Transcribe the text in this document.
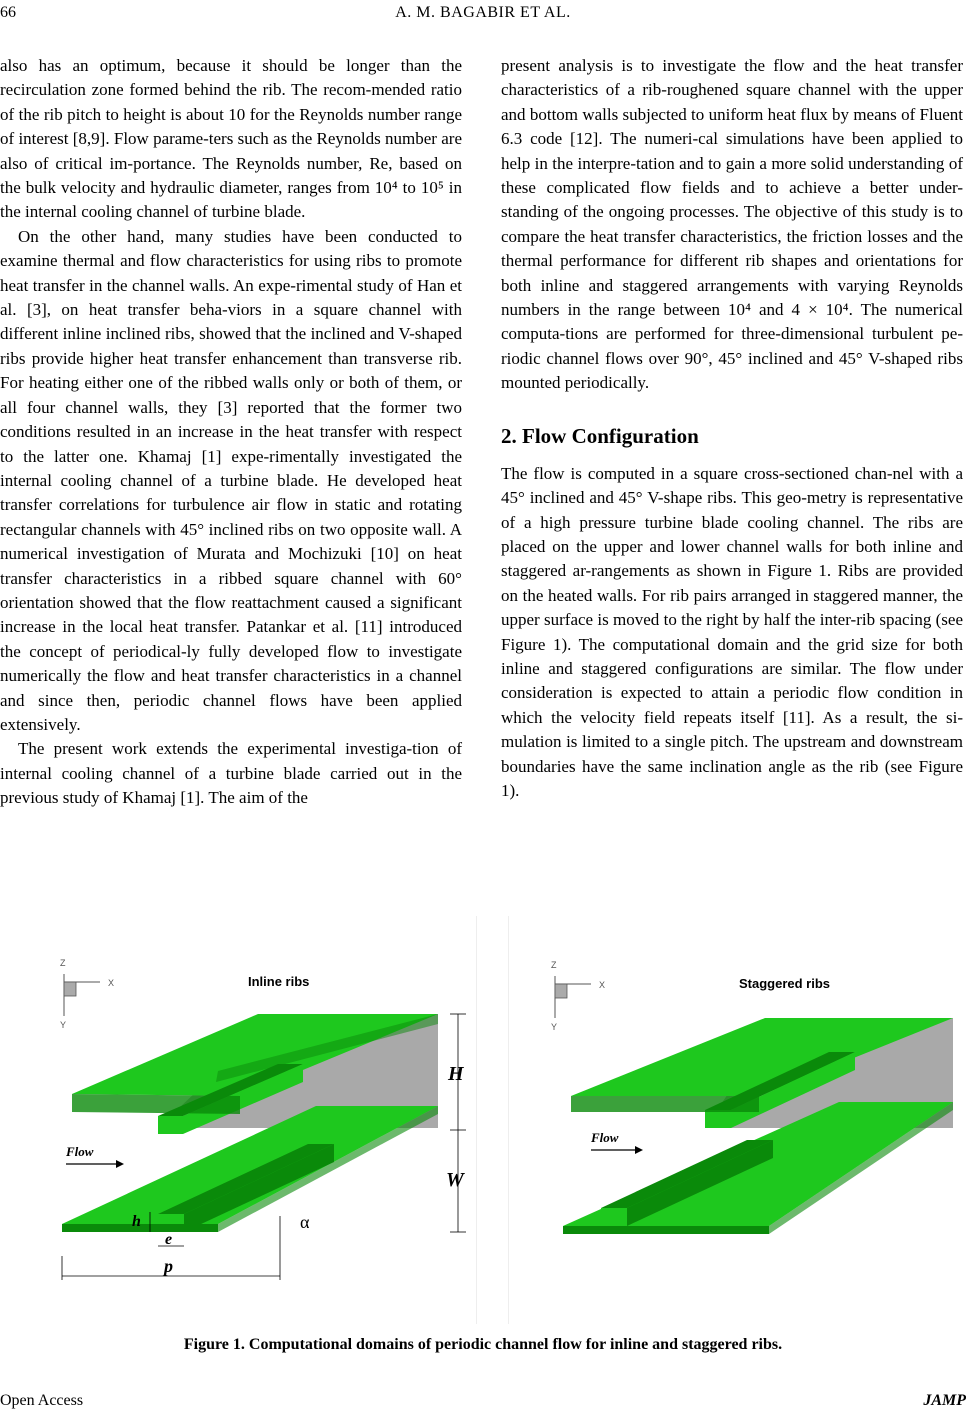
66	A. M. BAGABIR ET AL.

also has an optimum, because it should be longer than the recirculation zone formed behind the rib. The recom-mended ratio of the rib pitch to height is about 10 for the Reynolds number range of interest [8,9]. Flow parame-ters such as the Reynolds number are also of critical im-portance. The Reynolds number, Re, based on the bulk velocity and hydraulic diameter, ranges from 10⁴ to 10⁵ in the internal cooling channel of turbine blade.

On the other hand, many studies have been conducted to examine thermal and flow characteristics for using ribs to promote heat transfer in the channel walls. An expe-rimental study of Han et al. [3], on heat transfer beha-viors in a square channel with different inline inclined ribs, showed that the inclined and V-shaped ribs provide higher heat transfer enhancement than transverse rib. For heating either one of the ribbed walls only or both of them, or all four channel walls, they [3] reported that the former two conditions resulted in an increase in the heat transfer with respect to the latter one. Khamaj [1] expe-rimentally investigated the internal cooling channel of a turbine blade. He developed heat transfer correlations for turbulence air flow in static and rotating rectangular channels with 45° inclined ribs on two opposite wall. A numerical investigation of Murata and Mochizuki [10] on heat transfer characteristics in a ribbed square channel with 60° orientation showed that the flow reattachment caused a significant increase in the local heat transfer. Patankar et al. [11] introduced the concept of periodical-ly fully developed flow to investigate numerically the flow and heat transfer characteristics in a channel and since then, periodic channel flows have been applied extensively.

The present work extends the experimental investiga-tion of internal cooling channel of a turbine blade carried out in the previous study of Khamaj [1]. The aim of the

present analysis is to investigate the flow and the heat transfer characteristics of a rib-roughened square channel with the upper and bottom walls subjected to uniform heat flux by means of Fluent 6.3 code [12]. The numeri-cal simulations have been applied to help in the interpre-tation and to gain a more solid understanding of these complicated flow fields and to achieve a better under-standing of the ongoing processes. The objective of this study is to compare the heat transfer characteristics, the friction losses and the thermal performance for different rib shapes and orientations for both inline and staggered arrangements with varying Reynolds numbers in the range between 10⁴ and 4 × 10⁴. The numerical computa-tions are performed for three-dimensional turbulent pe-riodic channel flows over 90°, 45° inclined and 45° V-shaped ribs mounted periodically.

2. Flow Configuration

The flow is computed in a square cross-sectioned chan-nel with a 45° inclined and 45° V-shape ribs. This geo-metry is representative of a high pressure turbine blade cooling channel. The ribs are placed on the upper and lower channel walls for both inline and staggered ar-rangements as shown in Figure 1. Ribs are provided on the heated walls. For rib pairs arranged in staggered manner, the upper surface is moved to the right by half the inter-rib spacing (see Figure 1). The computational domain and the grid size for both inline and staggered configurations are similar. The flow under consideration is expected to attain a periodic flow condition in which the velocity field repeats itself [11]. As a result, the si-mulation is limited to a single pitch. The upstream and downstream boundaries have the same inclination angle as the rib (see Figure 1).

Z
X
Y
Inline ribs
H
W
Flow
h
e
p
α
Z
X
Y
Staggered ribs
Flow
Figure 1. Computational domains of periodic channel flow for inline and staggered ribs.
Open Access	JAMP
